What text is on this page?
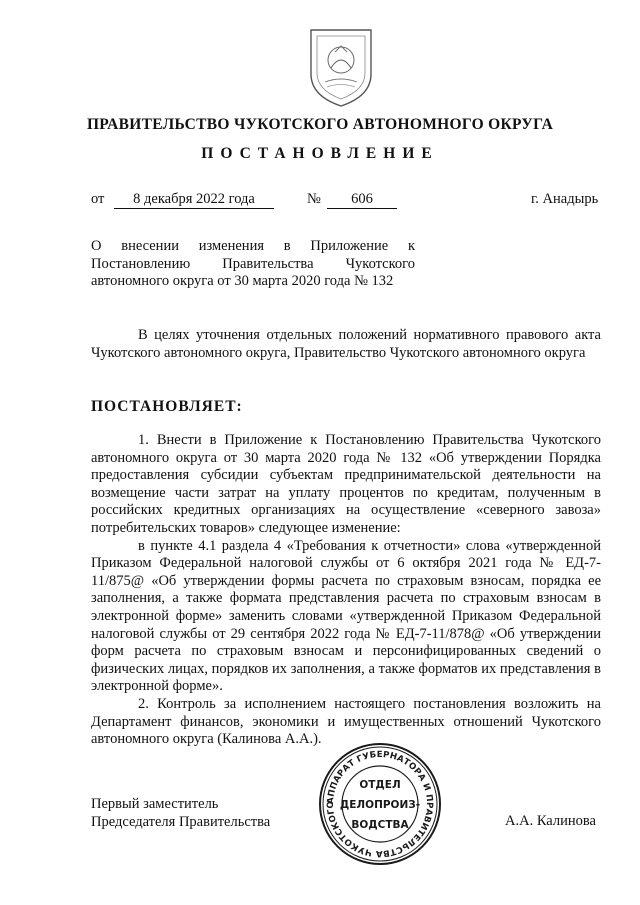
ПРАВИТЕЛЬСТВО ЧУКОТСКОГО АВТОНОМНОГО ОКРУГА
ПОСТАНОВЛЕНИЕ
от	8 декабря 2022 года	№	606	г. Анадырь

О внесении изменения в Приложение к

Постановлению Правительства Чукотского

автономного округа от 30 марта 2020 года № 132

В целях уточнения отдельных положений нормативного правового акта Чукотского автономного округа, Правительство Чукотского автономного округа

ПОСТАНОВЛЯЕТ:

1. Внести в Приложение к Постановлению Правительства Чукотского автономного округа от 30 марта 2020 года № 132 «Об утверждении Порядка предоставления субсидии субъектам предпринимательской деятельности на возмещение части затрат на уплату процентов по кредитам, полученным в российских кредитных организациях на осуществление «северного завоза» потребительских товаров» следующее изменение:

в пункте 4.1 раздела 4 «Требования к отчетности» слова «утвержденной Приказом Федеральной налоговой службы от 6 октября 2021 года № ЕД-7-11/875@ «Об утверждении формы расчета по страховым взносам, порядка ее заполнения, а также формата представления расчета по страховым взносам в электронной форме» заменить словами «утвержденной Приказом Федеральной налоговой службы от 29 сентября 2022 года № ЕД-7-11/878@ «Об утверждении форм расчета по страховым взносам и персонифицированных сведений о физических лицах, порядков их заполнения, а также форматов их представления в электронной форме».

2. Контроль за исполнением настоящего постановления возложить на Департамент финансов, экономики и имущественных отношений Чукотского автономного округа (Калинова А.А.).

Первый заместитель
Председателя Правительства	А.А. Калинова
АППАРАТ ГУБЕРНАТОРА И ПРАВИТЕЛЬСТВА ЧУКОТСКОГО
ОТДЕЛ
ДЕЛОПРОИЗ-
ВОДСТВА
